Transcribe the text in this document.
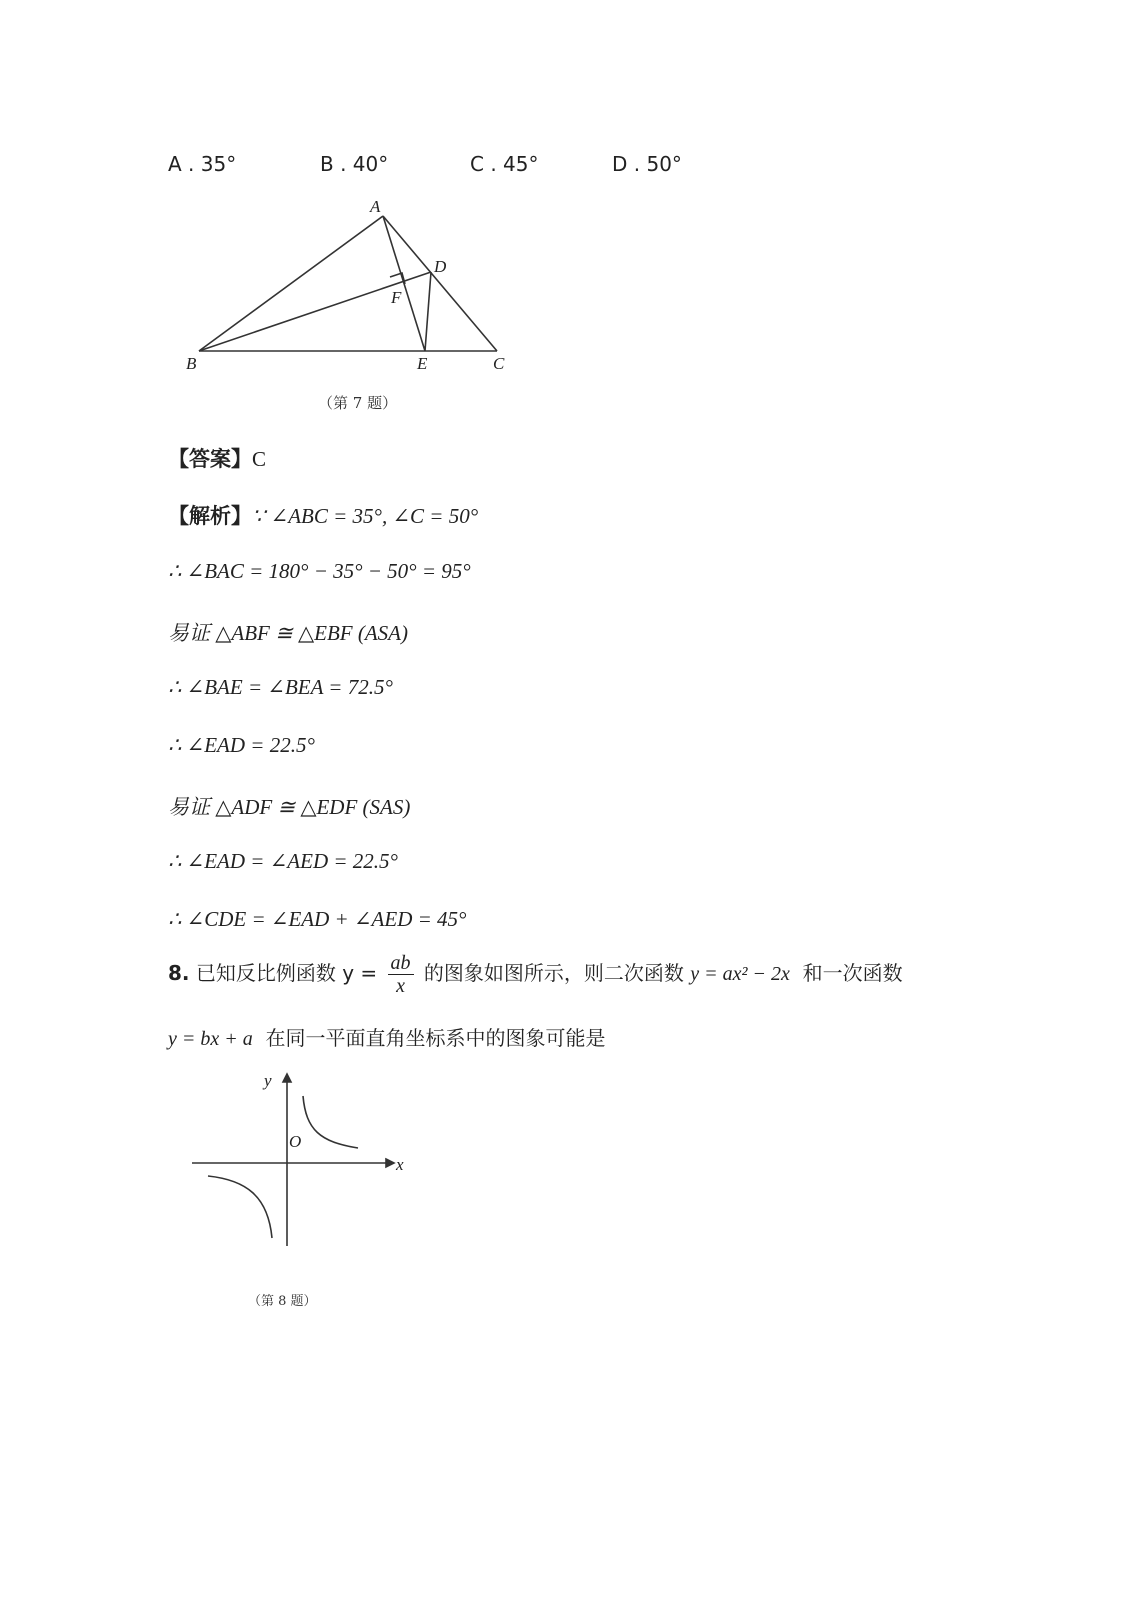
A . 35°	B . 40°	C . 45°	D . 50°
A
D
F
B	E	C
（第 7 题）
【答案】C
【解析】∵ ∠ABC = 35°, ∠C = 50°
∴ ∠BAC = 180° − 35° − 50° = 95°
易证 △ABF ≅ △EBF (ASA)
∴ ∠BAE = ∠BEA = 72.5°
∴ ∠EAD = 22.5°
易证 △ADF ≅ △EDF (SAS)
∴ ∠EAD = ∠AED = 22.5°
∴ ∠CDE = ∠EAD + ∠AED = 45°
8. 已知反比例函数 $y = \frac{ab}{x}$ 的图象如图所示，则二次函数 y = ax² − 2x 和一次函数
y = bx + a 在同一平面直角坐标系中的图象可能是
y
x
O
（第 8 题）
